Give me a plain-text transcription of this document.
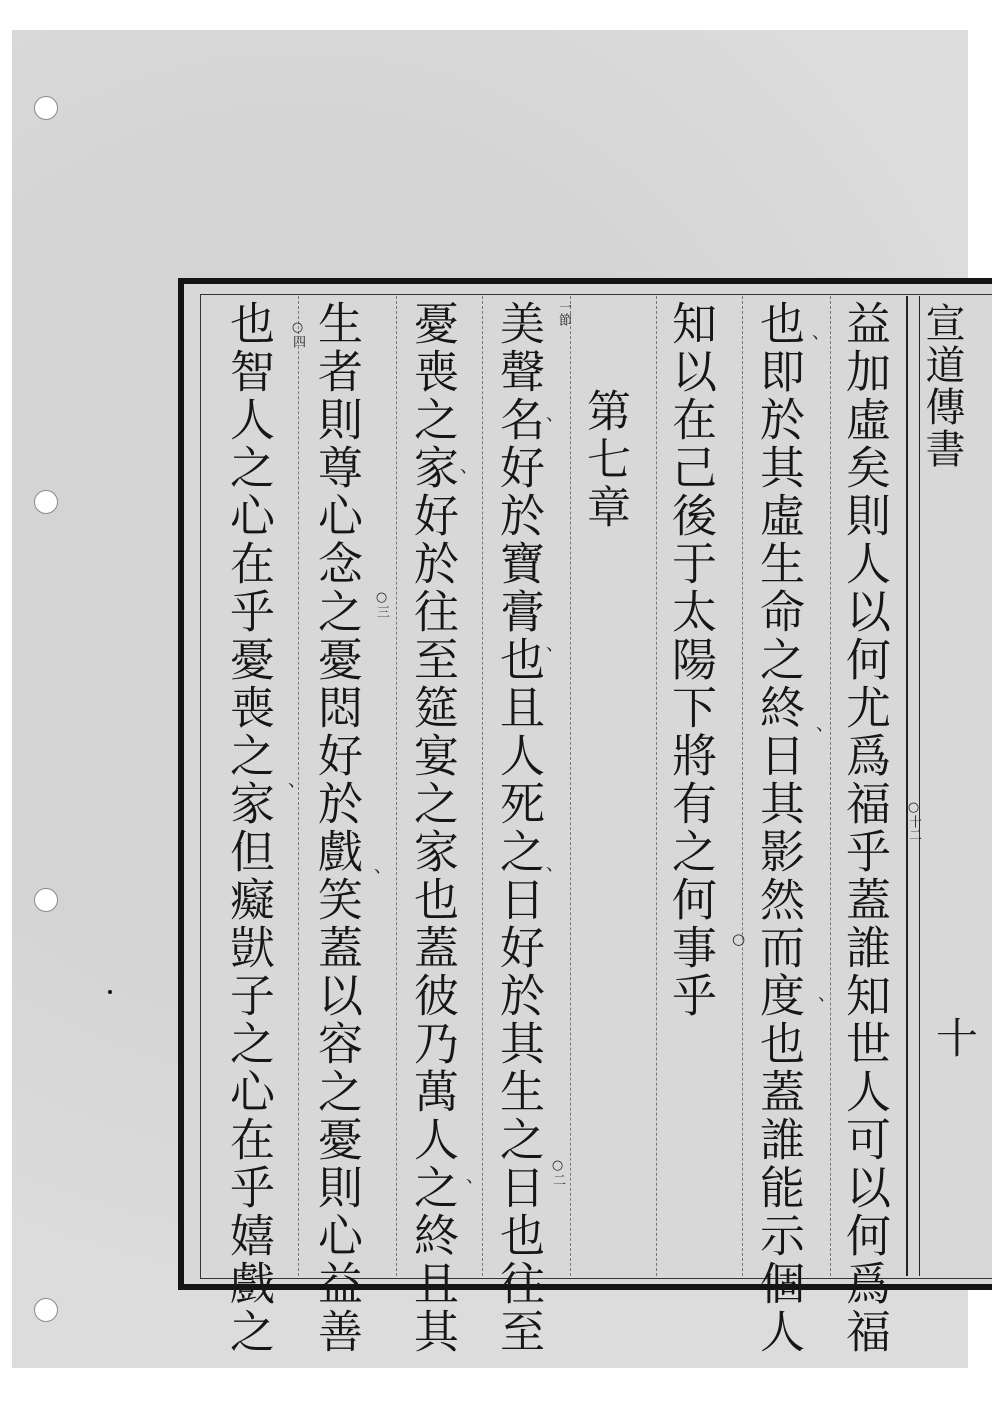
宣道傳書
十
益加虛矣則人以何尤爲福乎蓋誰知世人可以何爲福
也即於其虛生命之終日其影然而度也蓋誰能示個人
知以在己後于太陽下將有之何事乎
第七章
美聲名好於寶膏也且人死之日好於其生之日也往至
憂喪之家好於往至筵宴之家也蓋彼乃萬人之終且其
生者則尊心念之憂悶好於戲笑蓋以容之憂則心益善
也智人之心在乎憂喪之家但癡獃子之心在乎嬉戲之	○十二
一節
○二
○三
○四
○
、
、
、
、
、
、
、
、
、
、
